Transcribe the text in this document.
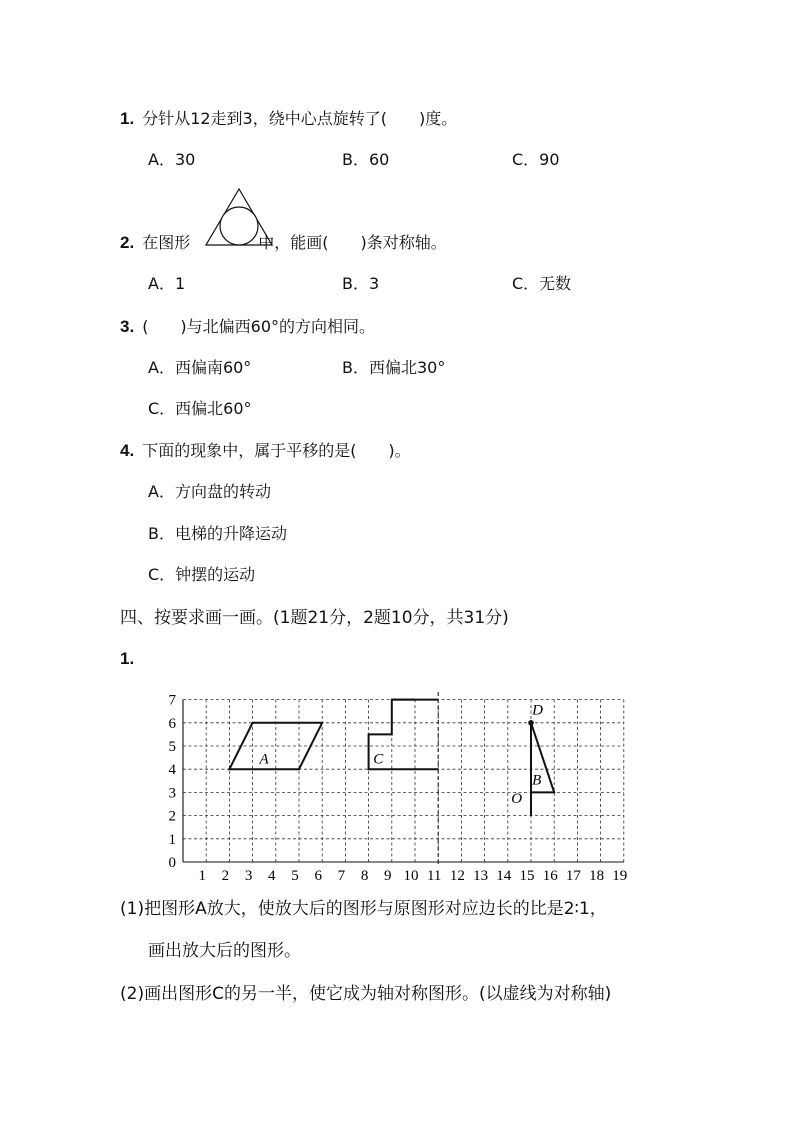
1. 分针从12走到3，绕中心点旋转了(　　)度。
A．30	B．60	C．90
2. 在图形	中，能画(　　)条对称轴。
A．1	B．3	C．无数
3. (　　)与北偏西60°的方向相同。
A．西偏南60°	B．西偏北30°
C．西偏北60°
4. 下面的现象中，属于平移的是(　　)。
A．方向盘的转动
B．电梯的升降运动
C．钟摆的运动
四、按要求画一画。(1题21分，2题10分，共31分)
1.
1 2 3 4 5 6 7 8 9 10 11 12 13 14 15 16 17 18 19
0
1
2
3
4
5
6
7
A	C
B
D
O
(1)把图形A放大，使放大后的图形与原图形对应边长的比是2∶1，
画出放大后的图形。
(2)画出图形C的另一半，使它成为轴对称图形。(以虚线为对称轴)
